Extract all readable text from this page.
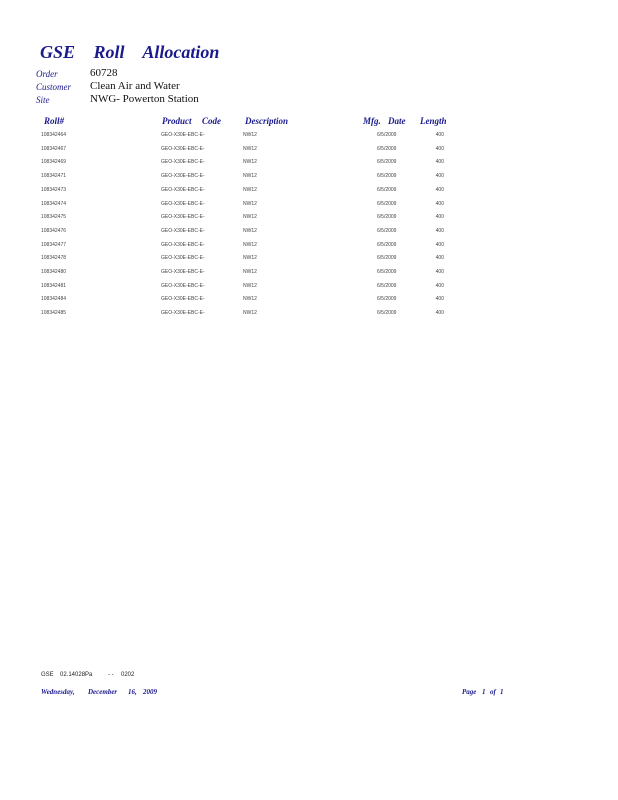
GSE Roll Allocation
Order	60728
Customer	Clean Air and Water
Site	NWG- Powerton Station
Roll#	Product Code	Description	Mfg. Date Length
108342464	GEO-X30E-EBC-E-	NW12	6/5/2009	400
108342467	GEO-X30E-EBC-E-	NW12	6/5/2009	400
108342469	GEO-X30E-EBC-E-	NW12	6/5/2009	400
108342471	GEO-X30E-EBC-E-	NW12	6/5/2009	400
108342473	GEO-X30E-EBC-E-	NW12	6/5/2009	400
108342474	GEO-X30E-EBC-E-	NW12	6/5/2009	400
108342475	GEO-X30E-EBC-E-	NW12	6/5/2009	400
108342476	GEO-X30E-EBC-E-	NW12	6/5/2009	400
108342477	GEO-X30E-EBC-E-	NW12	6/5/2009	400
108342478	GEO-X30E-EBC-E-	NW12	6/5/2009	400
108342480	GEO-X30E-EBC-E-	NW12	6/5/2009	400
108342481	GEO-X30E-EBC-E-	NW12	6/5/2009	400
108342484	GEO-X30E-EBC-E-	NW12	6/5/2009	400
108342485	GEO-X30E-EBC-E-	NW12	6/5/2009	400
GSE 02.14028Pa	- - 0202
Wednesday, December 16, 2009	Page 1 of 1
